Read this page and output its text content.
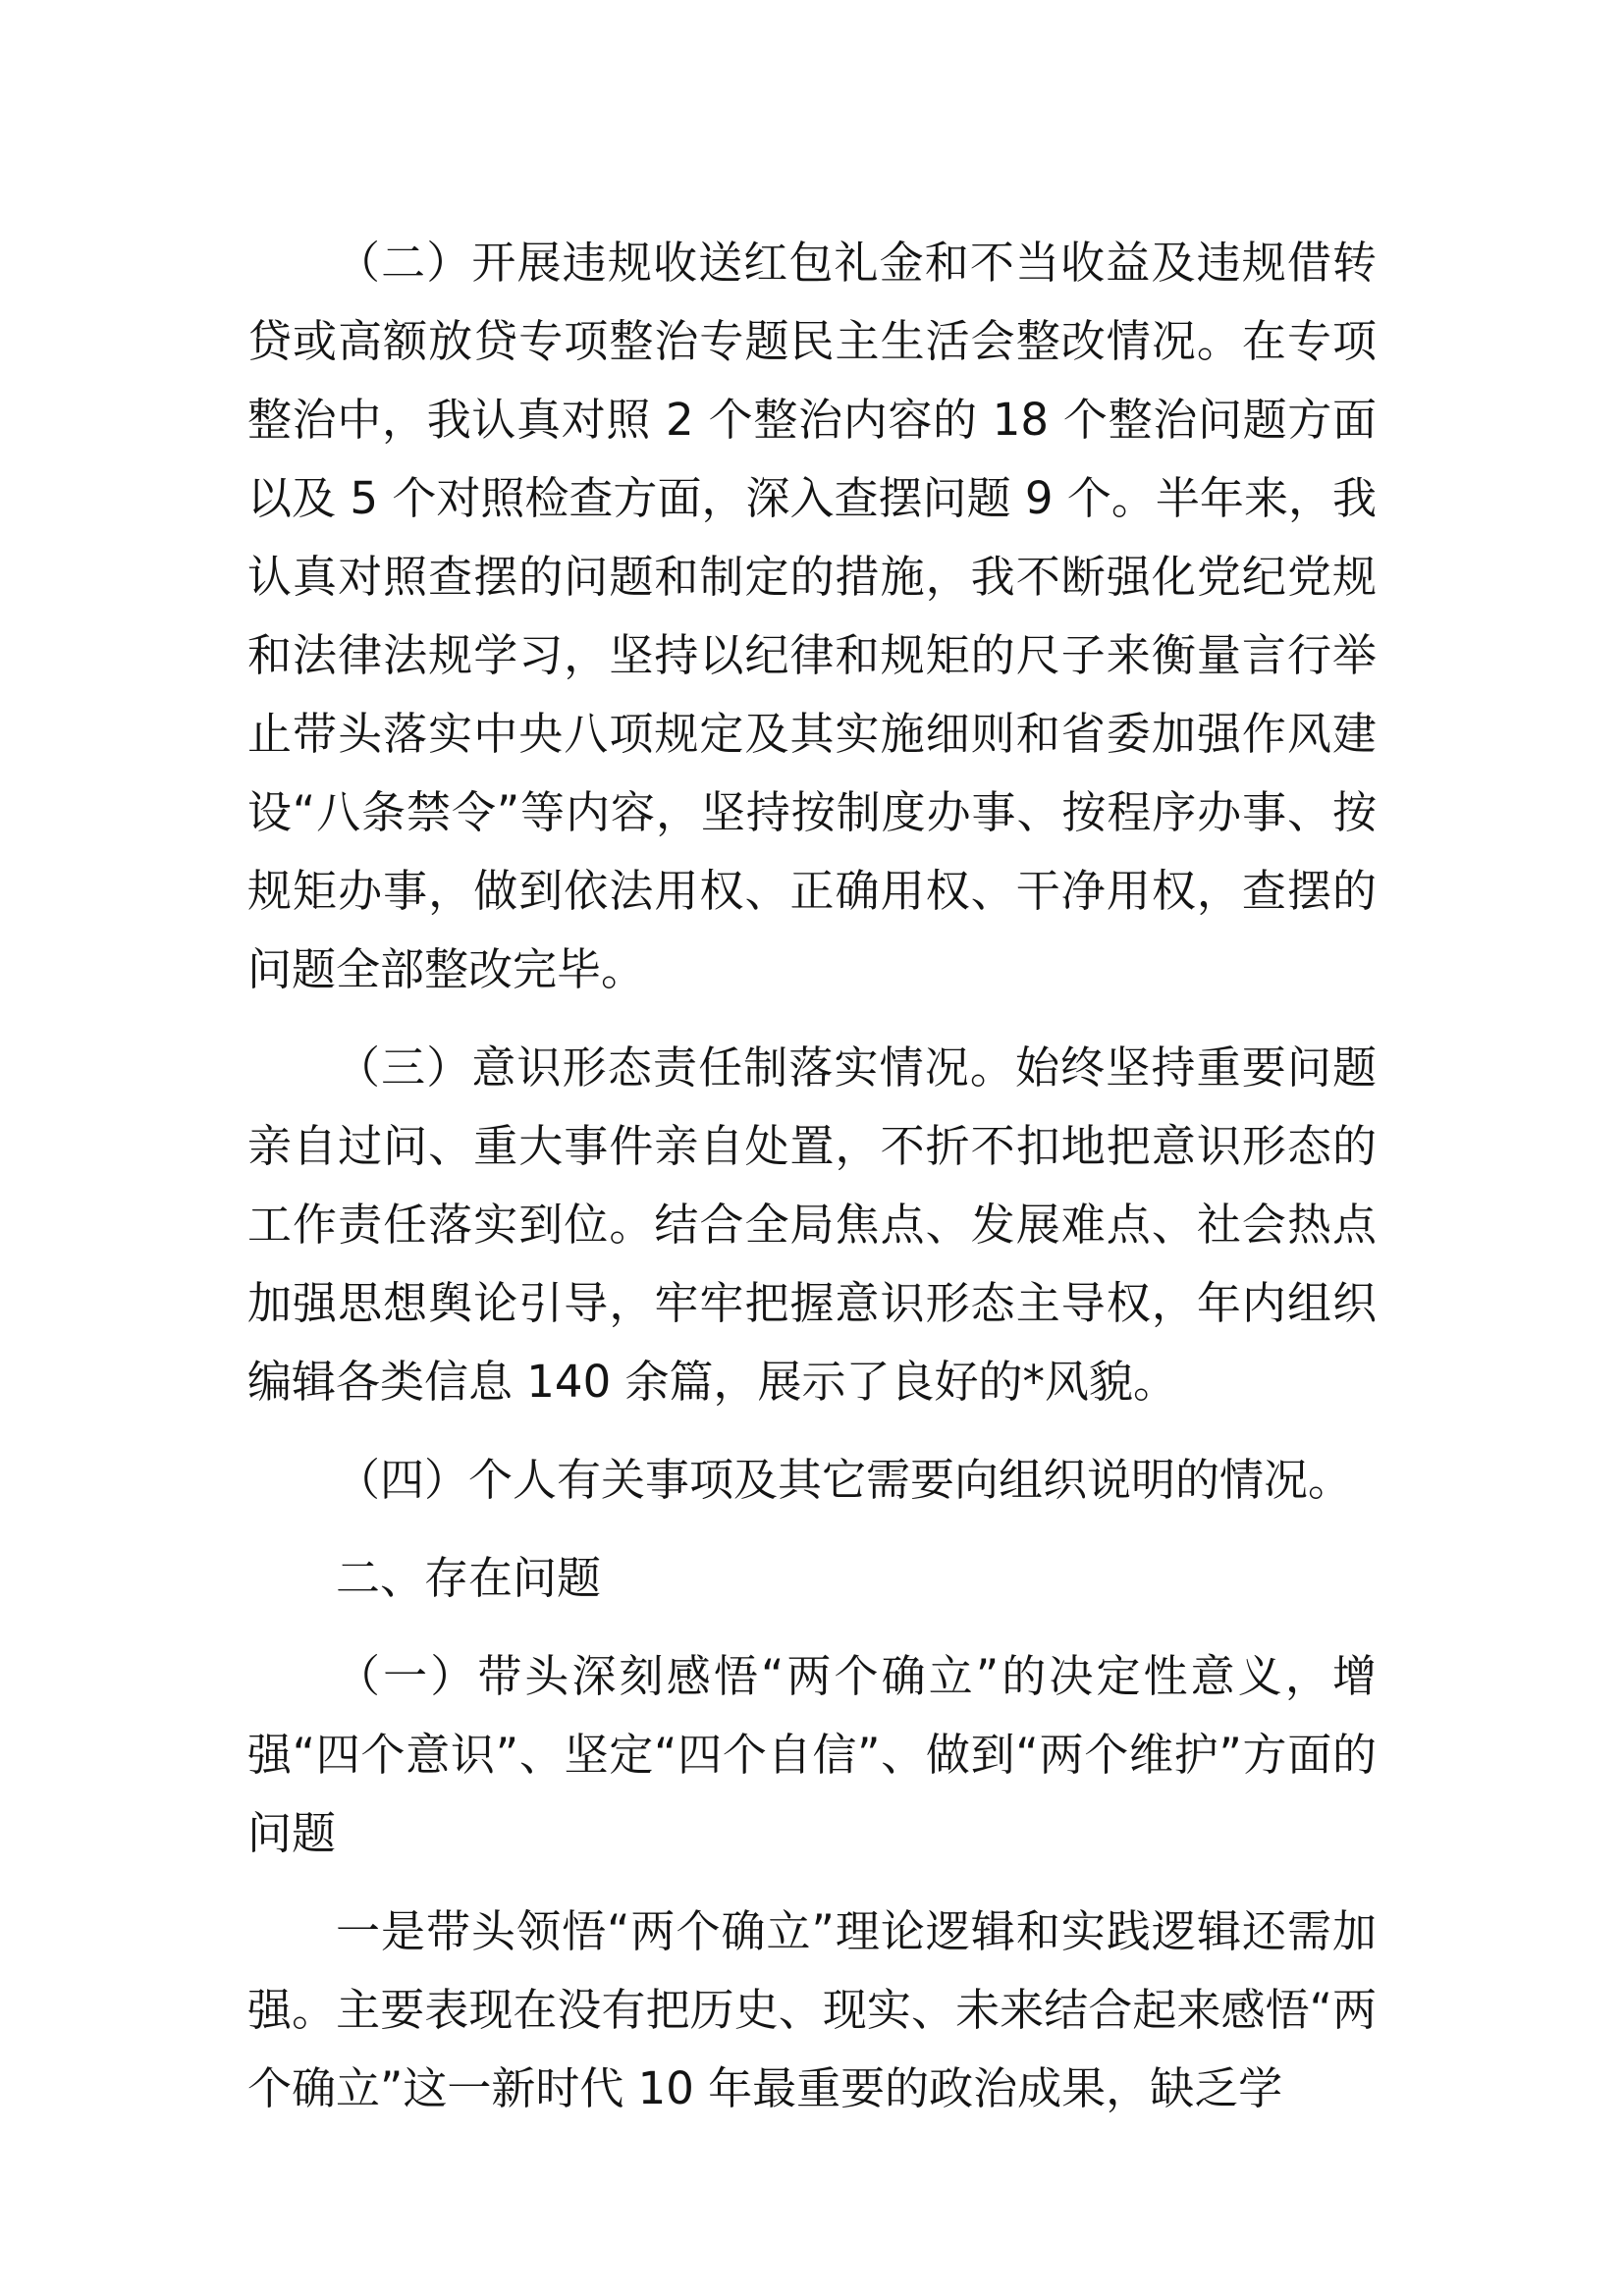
（二）开展违规收送红包礼金和不当收益及违规借转贷或高额放贷专项整治专题民主生活会整改情况。在专项整治中，我认真对照 2 个整治内容的 18 个整治问题方面以及 5 个对照检查方面，深入查摆问题 9 个。半年来，我认真对照查摆的问题和制定的措施，我不断强化党纪党规和法律法规学习，坚持以纪律和规矩的尺子来衡量言行举止带头落实中央八项规定及其实施细则和省委加强作风建设“八条禁令”等内容，坚持按制度办事、按程序办事、按规矩办事，做到依法用权、正确用权、干净用权，查摆的问题全部整改完毕。

（三）意识形态责任制落实情况。始终坚持重要问题亲自过问、重大事件亲自处置，不折不扣地把意识形态的工作责任落实到位。结合全局焦点、发展难点、社会热点加强思想舆论引导，牢牢把握意识形态主导权，年内组织编辑各类信息 140 余篇，展示了良好的*风貌。

（四）个人有关事项及其它需要向组织说明的情况。

二、存在问题

（一）带头深刻感悟“两个确立”的决定性意义，增强“四个意识”、坚定“四个自信”、做到“两个维护”方面的问题

一是带头领悟“两个确立”理论逻辑和实践逻辑还需加强。主要表现在没有把历史、现实、未来结合起来感悟“两个确立”这一新时代 10 年最重要的政治成果，缺乏学
